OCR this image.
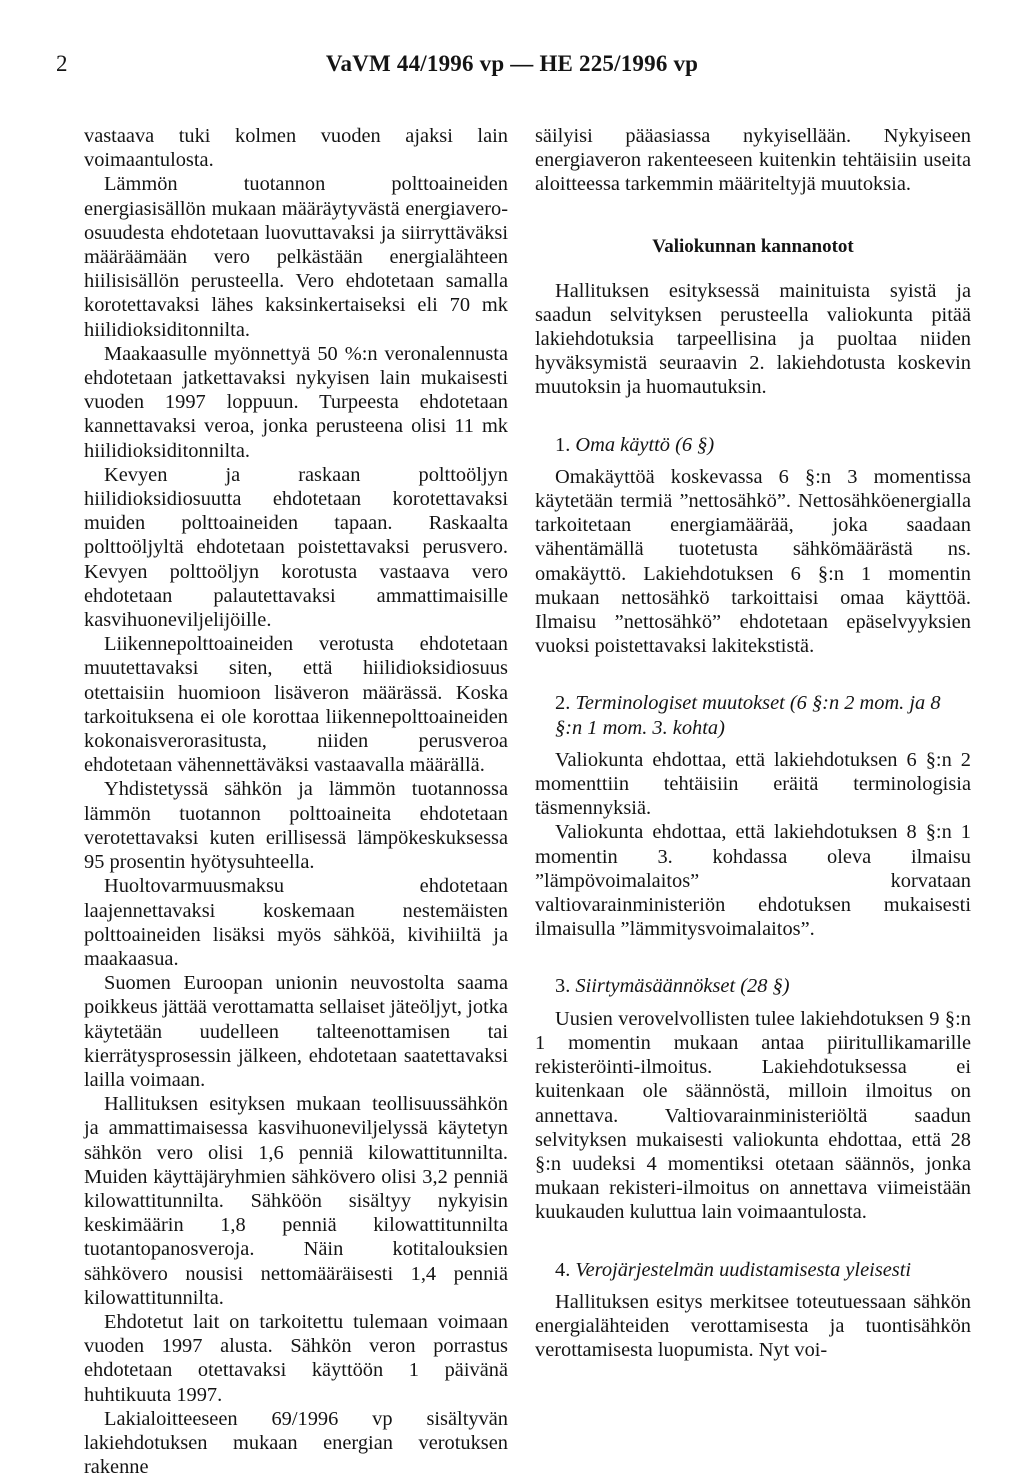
2	VaVM 44/1996 vp — HE 225/1996 vp

vastaava tuki kolmen vuoden ajaksi lain voimaantulosta.

Lämmön tuotannon polttoaineiden energiasisällön mukaan määräytyvästä energiavero-osuudesta ehdotetaan luovuttavaksi ja siirryttäväksi määräämään vero pelkästään energialähteen hiilisisällön perusteella. Vero ehdotetaan samalla korotettavaksi lähes kaksinkertaiseksi eli 70 mk hiilidioksiditonnilta.

Maakaasulle myönnettyä 50 %:n veronalennusta ehdotetaan jatkettavaksi nykyisen lain mukaisesti vuoden 1997 loppuun. Turpeesta ehdotetaan kannettavaksi veroa, jonka perusteena olisi 11 mk hiilidioksiditonnilta.

Kevyen ja raskaan polttoöljyn hiilidioksidiosuutta ehdotetaan korotettavaksi muiden polttoaineiden tapaan. Raskaalta polttoöljyltä ehdotetaan poistettavaksi perusvero. Kevyen polttoöljyn korotusta vastaava vero ehdotetaan palautettavaksi ammattimaisille kasvihuoneviljelijöille.

Liikennepolttoaineiden verotusta ehdotetaan muutettavaksi siten, että hiilidioksidiosuus otettaisiin huomioon lisäveron määrässä. Koska tarkoituksena ei ole korottaa liikennepolttoaineiden kokonaisverorasitusta, niiden perusveroa ehdotetaan vähennettäväksi vastaavalla määrällä.

Yhdistetyssä sähkön ja lämmön tuotannossa lämmön tuotannon polttoaineita ehdotetaan verotettavaksi kuten erillisessä lämpökeskuksessa 95 prosentin hyötysuhteella.

Huoltovarmuusmaksu ehdotetaan laajennettavaksi koskemaan nestemäisten polttoaineiden lisäksi myös sähköä, kivihiiltä ja maakaasua.

Suomen Euroopan unionin neuvostolta saama poikkeus jättää verottamatta sellaiset jäteöljyt, jotka käytetään uudelleen talteenottamisen tai kierrätysprosessin jälkeen, ehdotetaan saatettavaksi lailla voimaan.

Hallituksen esityksen mukaan teollisuussähkön ja ammattimaisessa kasvihuoneviljelyssä käytetyn sähkön vero olisi 1,6 penniä kilowattitunnilta. Muiden käyttäjäryhmien sähkövero olisi 3,2 penniä kilowattitunnilta. Sähköön sisältyy nykyisin keskimäärin 1,8 penniä kilowattitunnilta tuotantopanosveroja. Näin kotitalouksien sähkövero nousisi nettomääräisesti 1,4 penniä kilowattitunnilta.

Ehdotetut lait on tarkoitettu tulemaan voimaan vuoden 1997 alusta. Sähkön veron porrastus ehdotetaan otettavaksi käyttöön 1 päivänä huhtikuuta 1997.

Lakialoitteeseen 69/1996 vp sisältyvän lakiehdotuksen mukaan energian verotuksen rakenne

säilyisi pääasiassa nykyisellään. Nykyiseen energiaveron rakenteeseen kuitenkin tehtäisiin useita aloitteessa tarkemmin määriteltyjä muutoksia.

Valiokunnan kannanotot

Hallituksen esityksessä mainituista syistä ja saadun selvityksen perusteella valiokunta pitää lakiehdotuksia tarpeellisina ja puoltaa niiden hyväksymistä seuraavin 2. lakiehdotusta koskevin muutoksin ja huomautuksin.

1. Oma käyttö (6 §)

Omakäyttöä koskevassa 6 §:n 3 momentissa käytetään termiä ”nettosähkö”. Nettosähköenergialla tarkoitetaan energiamäärää, joka saadaan vähentämällä tuotetusta sähkömäärästä ns. omakäyttö. Lakiehdotuksen 6 §:n 1 momentin mukaan nettosähkö tarkoittaisi omaa käyttöä. Ilmaisu ”nettosähkö” ehdotetaan epäselvyyksien vuoksi poistettavaksi lakitekstistä.

2. Terminologiset muutokset (6 §:n 2 mom. ja 8 §:n 1 mom. 3. kohta)

Valiokunta ehdottaa, että lakiehdotuksen 6 §:n 2 momenttiin tehtäisiin eräitä terminologisia täsmennyksiä.

Valiokunta ehdottaa, että lakiehdotuksen 8 §:n 1 momentin 3. kohdassa oleva ilmaisu ”lämpövoimalaitos” korvataan valtiovarainministeriön ehdotuksen mukaisesti ilmaisulla ”lämmitysvoimalaitos”.

3. Siirtymäsäännökset (28 §)

Uusien verovelvollisten tulee lakiehdotuksen 9 §:n 1 momentin mukaan antaa piiritullikamarille rekisteröinti-ilmoitus. Lakiehdotuksessa ei kuitenkaan ole säännöstä, milloin ilmoitus on annettava. Valtiovarainministeriöltä saadun selvityksen mukaisesti valiokunta ehdottaa, että 28 §:n uudeksi 4 momentiksi otetaan säännös, jonka mukaan rekisteri-ilmoitus on annettava viimeistään kuukauden kuluttua lain voimaantulosta.

4. Verojärjestelmän uudistamisesta yleisesti

Hallituksen esitys merkitsee toteutuessaan sähkön energialähteiden verottamisesta ja tuontisähkön verottamisesta luopumista. Nyt voi-
